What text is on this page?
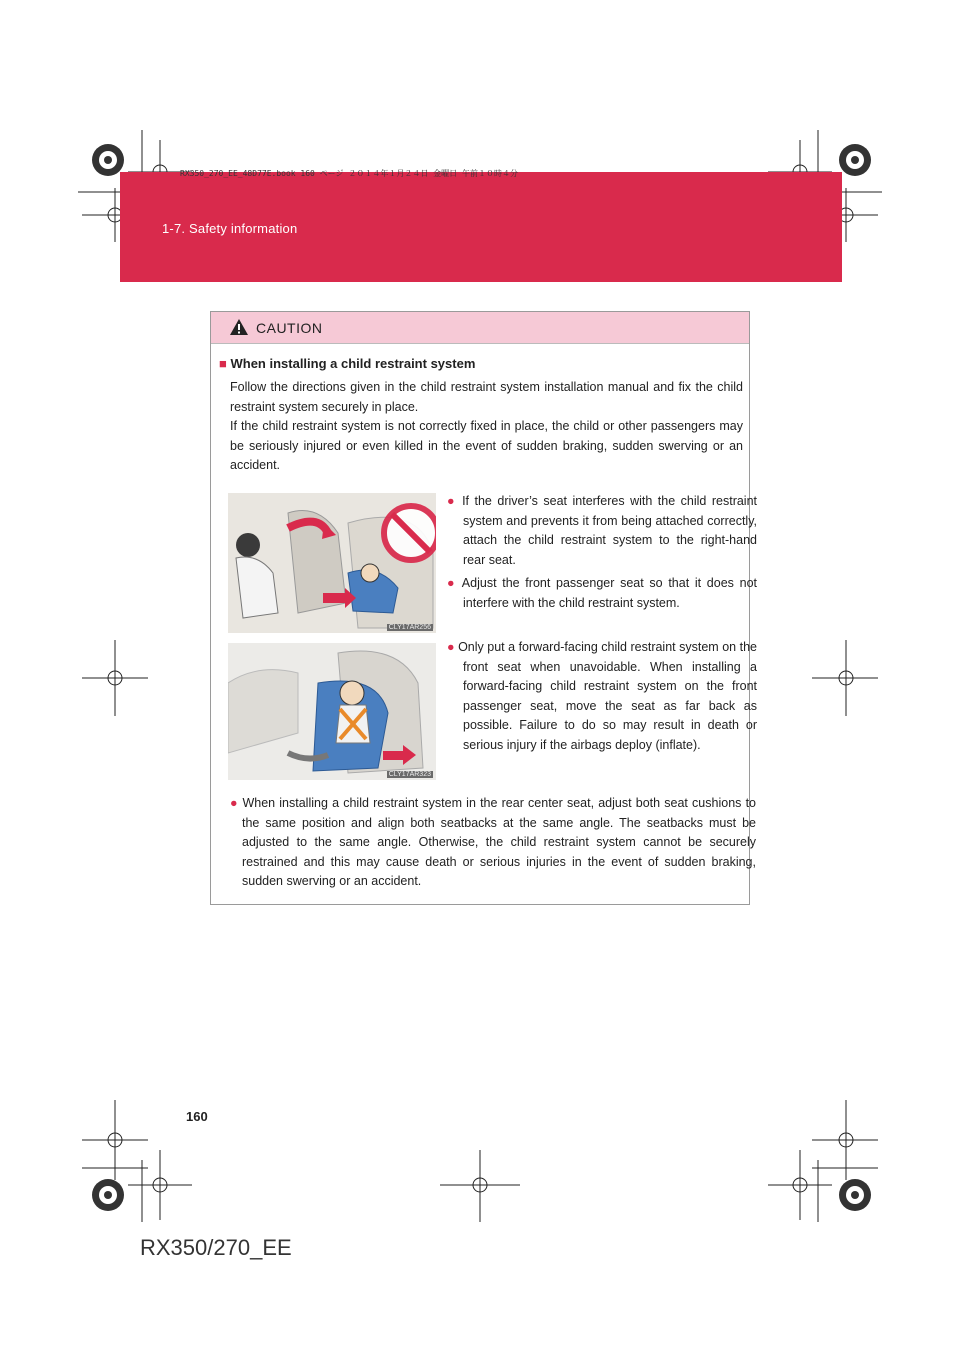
RX350_270_EE_48D77E.book 160 ページ ２０１４年１月２４日 金曜日 午前１０時４分
1-7. Safety information
CAUTION
■ When installing a child restraint system

Follow the directions given in the child restraint system installation manual and fix the child restraint system securely in place.

If the child restraint system is not correctly fixed in place, the child or other passengers may be seriously injured or even killed in the event of sudden braking, sudden swerving or an accident.

CLY17AR256
CLY17AR323

● If the driver’s seat interferes with the child restraint system and prevents it from being attached correctly, attach the child restraint system to the right-hand rear seat.

● Adjust the front passenger seat so that it does not interfere with the child restraint system.

● Only put a forward-facing child restraint system on the front seat when unavoidable. When installing a forward-facing child restraint system on the front passenger seat, move the seat as far back as possible. Failure to do so may result in death or serious injury if the airbags deploy (inflate).

● When installing a child restraint system in the rear center seat, adjust both seat cushions to the same position and align both seatbacks at the same angle. The seatbacks must be adjusted to the same angle. Otherwise, the child restraint system cannot be securely restrained and this may cause death or serious injuries in the event of sudden braking, sudden swerving or an accident.

160
RX350/270_EE
